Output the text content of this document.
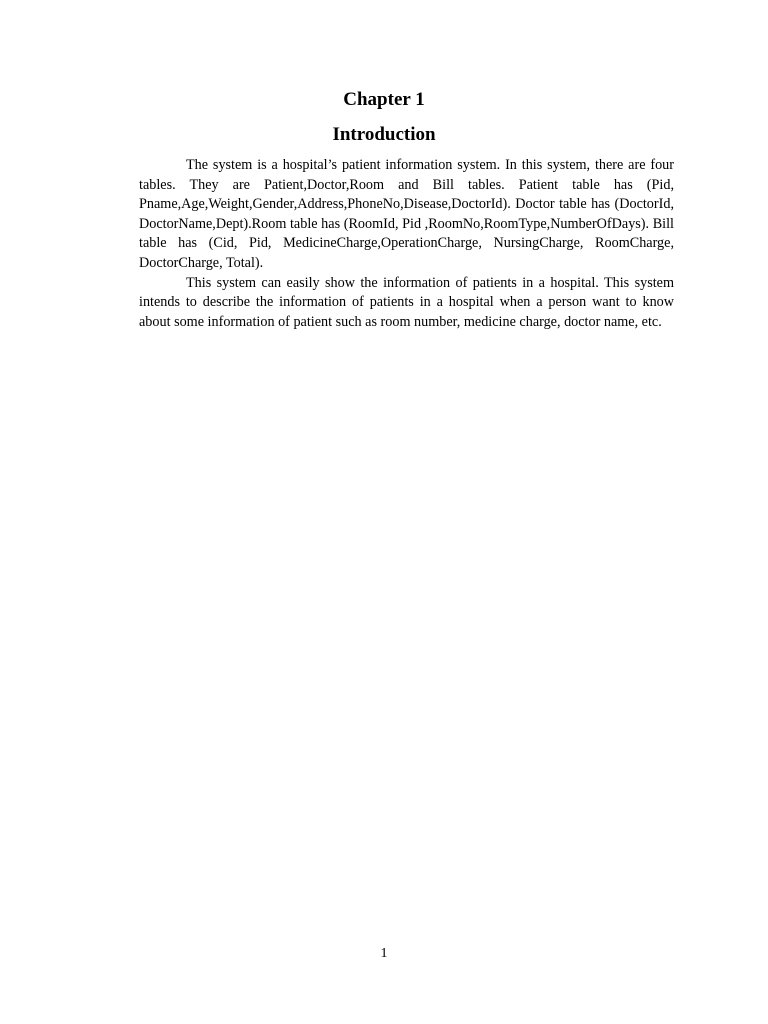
Chapter 1
Introduction

The system is a hospital’s patient information system. In this system, there are four tables. They are Patient,Doctor,Room and Bill tables. Patient table has (Pid, Pname,Age,Weight,Gender,Address,PhoneNo,Disease,DoctorId). Doctor table has (DoctorId, DoctorName,Dept).Room table has (RoomId, Pid ,RoomNo,RoomType,NumberOfDays). Bill table has (Cid, Pid, MedicineCharge,OperationCharge, NursingCharge, RoomCharge, DoctorCharge, Total).

This system can easily show the information of patients in a hospital. This system intends to describe the information of patients in a hospital when a person want to know about some information of patient such as room number, medicine charge, doctor name, etc.

1
